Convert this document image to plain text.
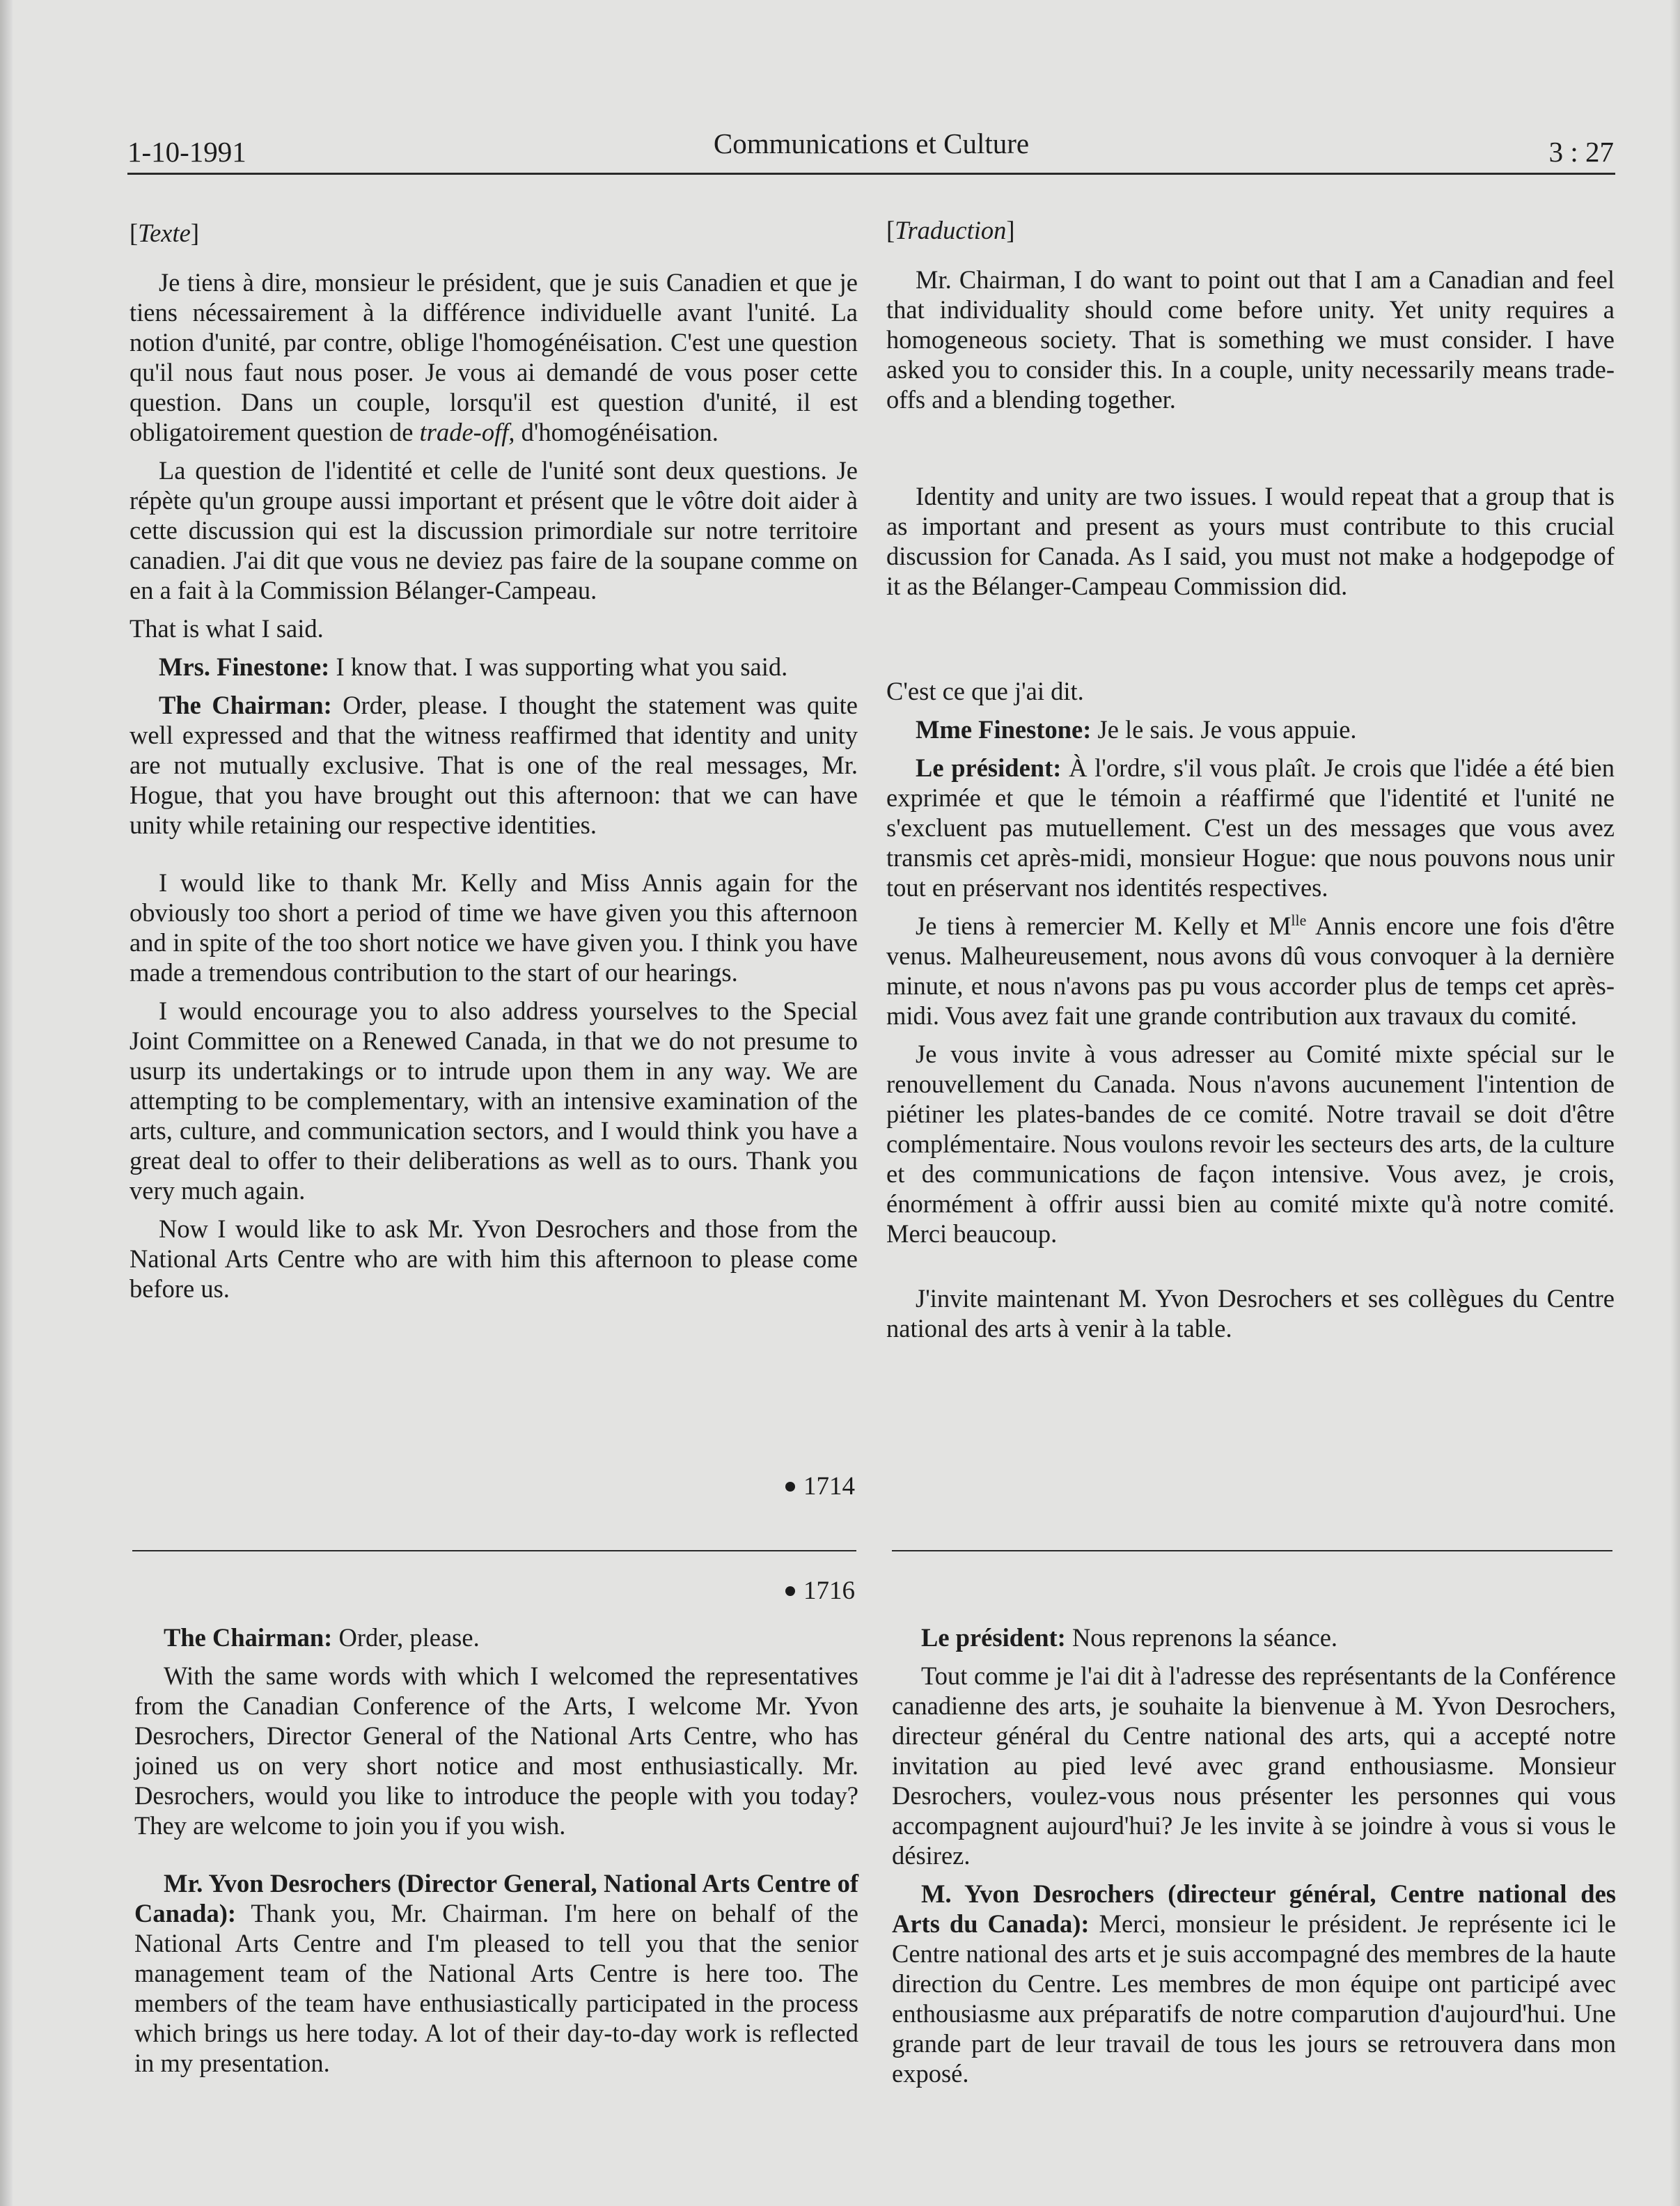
1-10-1991	Communications et Culture	3 : 27

[Texte]

Je tiens à dire, monsieur le président, que je suis Canadien et que je tiens nécessairement à la différence individuelle avant l'unité. La notion d'unité, par contre, oblige l'homogénéisation. C'est une question qu'il nous faut nous poser. Je vous ai demandé de vous poser cette question. Dans un couple, lorsqu'il est question d'unité, il est obligatoirement question de trade-off, d'homogénéisation.

La question de l'identité et celle de l'unité sont deux questions. Je répète qu'un groupe aussi important et présent que le vôtre doit aider à cette discussion qui est la discussion primordiale sur notre territoire canadien. J'ai dit que vous ne deviez pas faire de la soupane comme on en a fait à la Commission Bélanger-Campeau.

That is what I said.

Mrs. Finestone: I know that. I was supporting what you said.

The Chairman: Order, please. I thought the statement was quite well expressed and that the witness reaffirmed that identity and unity are not mutually exclusive. That is one of the real messages, Mr. Hogue, that you have brought out this afternoon: that we can have unity while retaining our respective identities.

I would like to thank Mr. Kelly and Miss Annis again for the obviously too short a period of time we have given you this afternoon and in spite of the too short notice we have given you. I think you have made a tremendous contribution to the start of our hearings.

I would encourage you to also address yourselves to the Special Joint Committee on a Renewed Canada, in that we do not presume to usurp its undertakings or to intrude upon them in any way. We are attempting to be complementary, with an intensive examination of the arts, culture, and communication sectors, and I would think you have a great deal to offer to their deliberations as well as to ours. Thank you very much again.

Now I would like to ask Mr. Yvon Desrochers and those from the National Arts Centre who are with him this afternoon to please come before us.

[Traduction]

Mr. Chairman, I do want to point out that I am a Canadian and feel that individuality should come before unity. Yet unity requires a homogeneous society. That is something we must consider. I have asked you to consider this. In a couple, unity necessarily means trade-offs and a blending together.

Identity and unity are two issues. I would repeat that a group that is as important and present as yours must contribute to this crucial discussion for Canada. As I said, you must not make a hodgepodge of it as the Bélanger-Campeau Commission did.

C'est ce que j'ai dit.

Mme Finestone: Je le sais. Je vous appuie.

Le président: À l'ordre, s'il vous plaît. Je crois que l'idée a été bien exprimée et que le témoin a réaffirmé que l'identité et l'unité ne s'excluent pas mutuellement. C'est un des messages que vous avez transmis cet après-midi, monsieur Hogue: que nous pouvons nous unir tout en préservant nos identités respectives.

Je tiens à remercier M. Kelly et $M^{lle}$ Annis encore une fois d'être venus. Malheureusement, nous avons dû vous convoquer à la dernière minute, et nous n'avons pas pu vous accorder plus de temps cet après-midi. Vous avez fait une grande contribution aux travaux du comité.

Je vous invite à vous adresser au Comité mixte spécial sur le renouvellement du Canada. Nous n'avons aucunement l'intention de piétiner les plates-bandes de ce comité. Notre travail se doit d'être complémentaire. Nous voulons revoir les secteurs des arts, de la culture et des communications de façon intensive. Vous avez, je crois, énormément à offrir aussi bien au comité mixte qu'à notre comité. Merci beaucoup.

J'invite maintenant M. Yvon Desrochers et ses collègues du Centre national des arts à venir à la table.

1714
1716

The Chairman: Order, please.

With the same words with which I welcomed the representatives from the Canadian Conference of the Arts, I welcome Mr. Yvon Desrochers, Director General of the National Arts Centre, who has joined us on very short notice and most enthusiastically. Mr. Desrochers, would you like to introduce the people with you today? They are welcome to join you if you wish.

Mr. Yvon Desrochers (Director General, National Arts Centre of Canada): Thank you, Mr. Chairman. I'm here on behalf of the National Arts Centre and I'm pleased to tell you that the senior management team of the National Arts Centre is here too. The members of the team have enthusiastically participated in the process which brings us here today. A lot of their day-to-day work is reflected in my presentation.

Le président: Nous reprenons la séance.

Tout comme je l'ai dit à l'adresse des représentants de la Conférence canadienne des arts, je souhaite la bienvenue à M. Yvon Desrochers, directeur général du Centre national des arts, qui a accepté notre invitation au pied levé avec grand enthousiasme. Monsieur Desrochers, voulez-vous nous présenter les personnes qui vous accompagnent aujourd'hui? Je les invite à se joindre à vous si vous le désirez.

M. Yvon Desrochers (directeur général, Centre national des Arts du Canada): Merci, monsieur le président. Je représente ici le Centre national des arts et je suis accompagné des membres de la haute direction du Centre. Les membres de mon équipe ont participé avec enthousiasme aux préparatifs de notre comparution d'aujourd'hui. Une grande part de leur travail de tous les jours se retrouvera dans mon exposé.
